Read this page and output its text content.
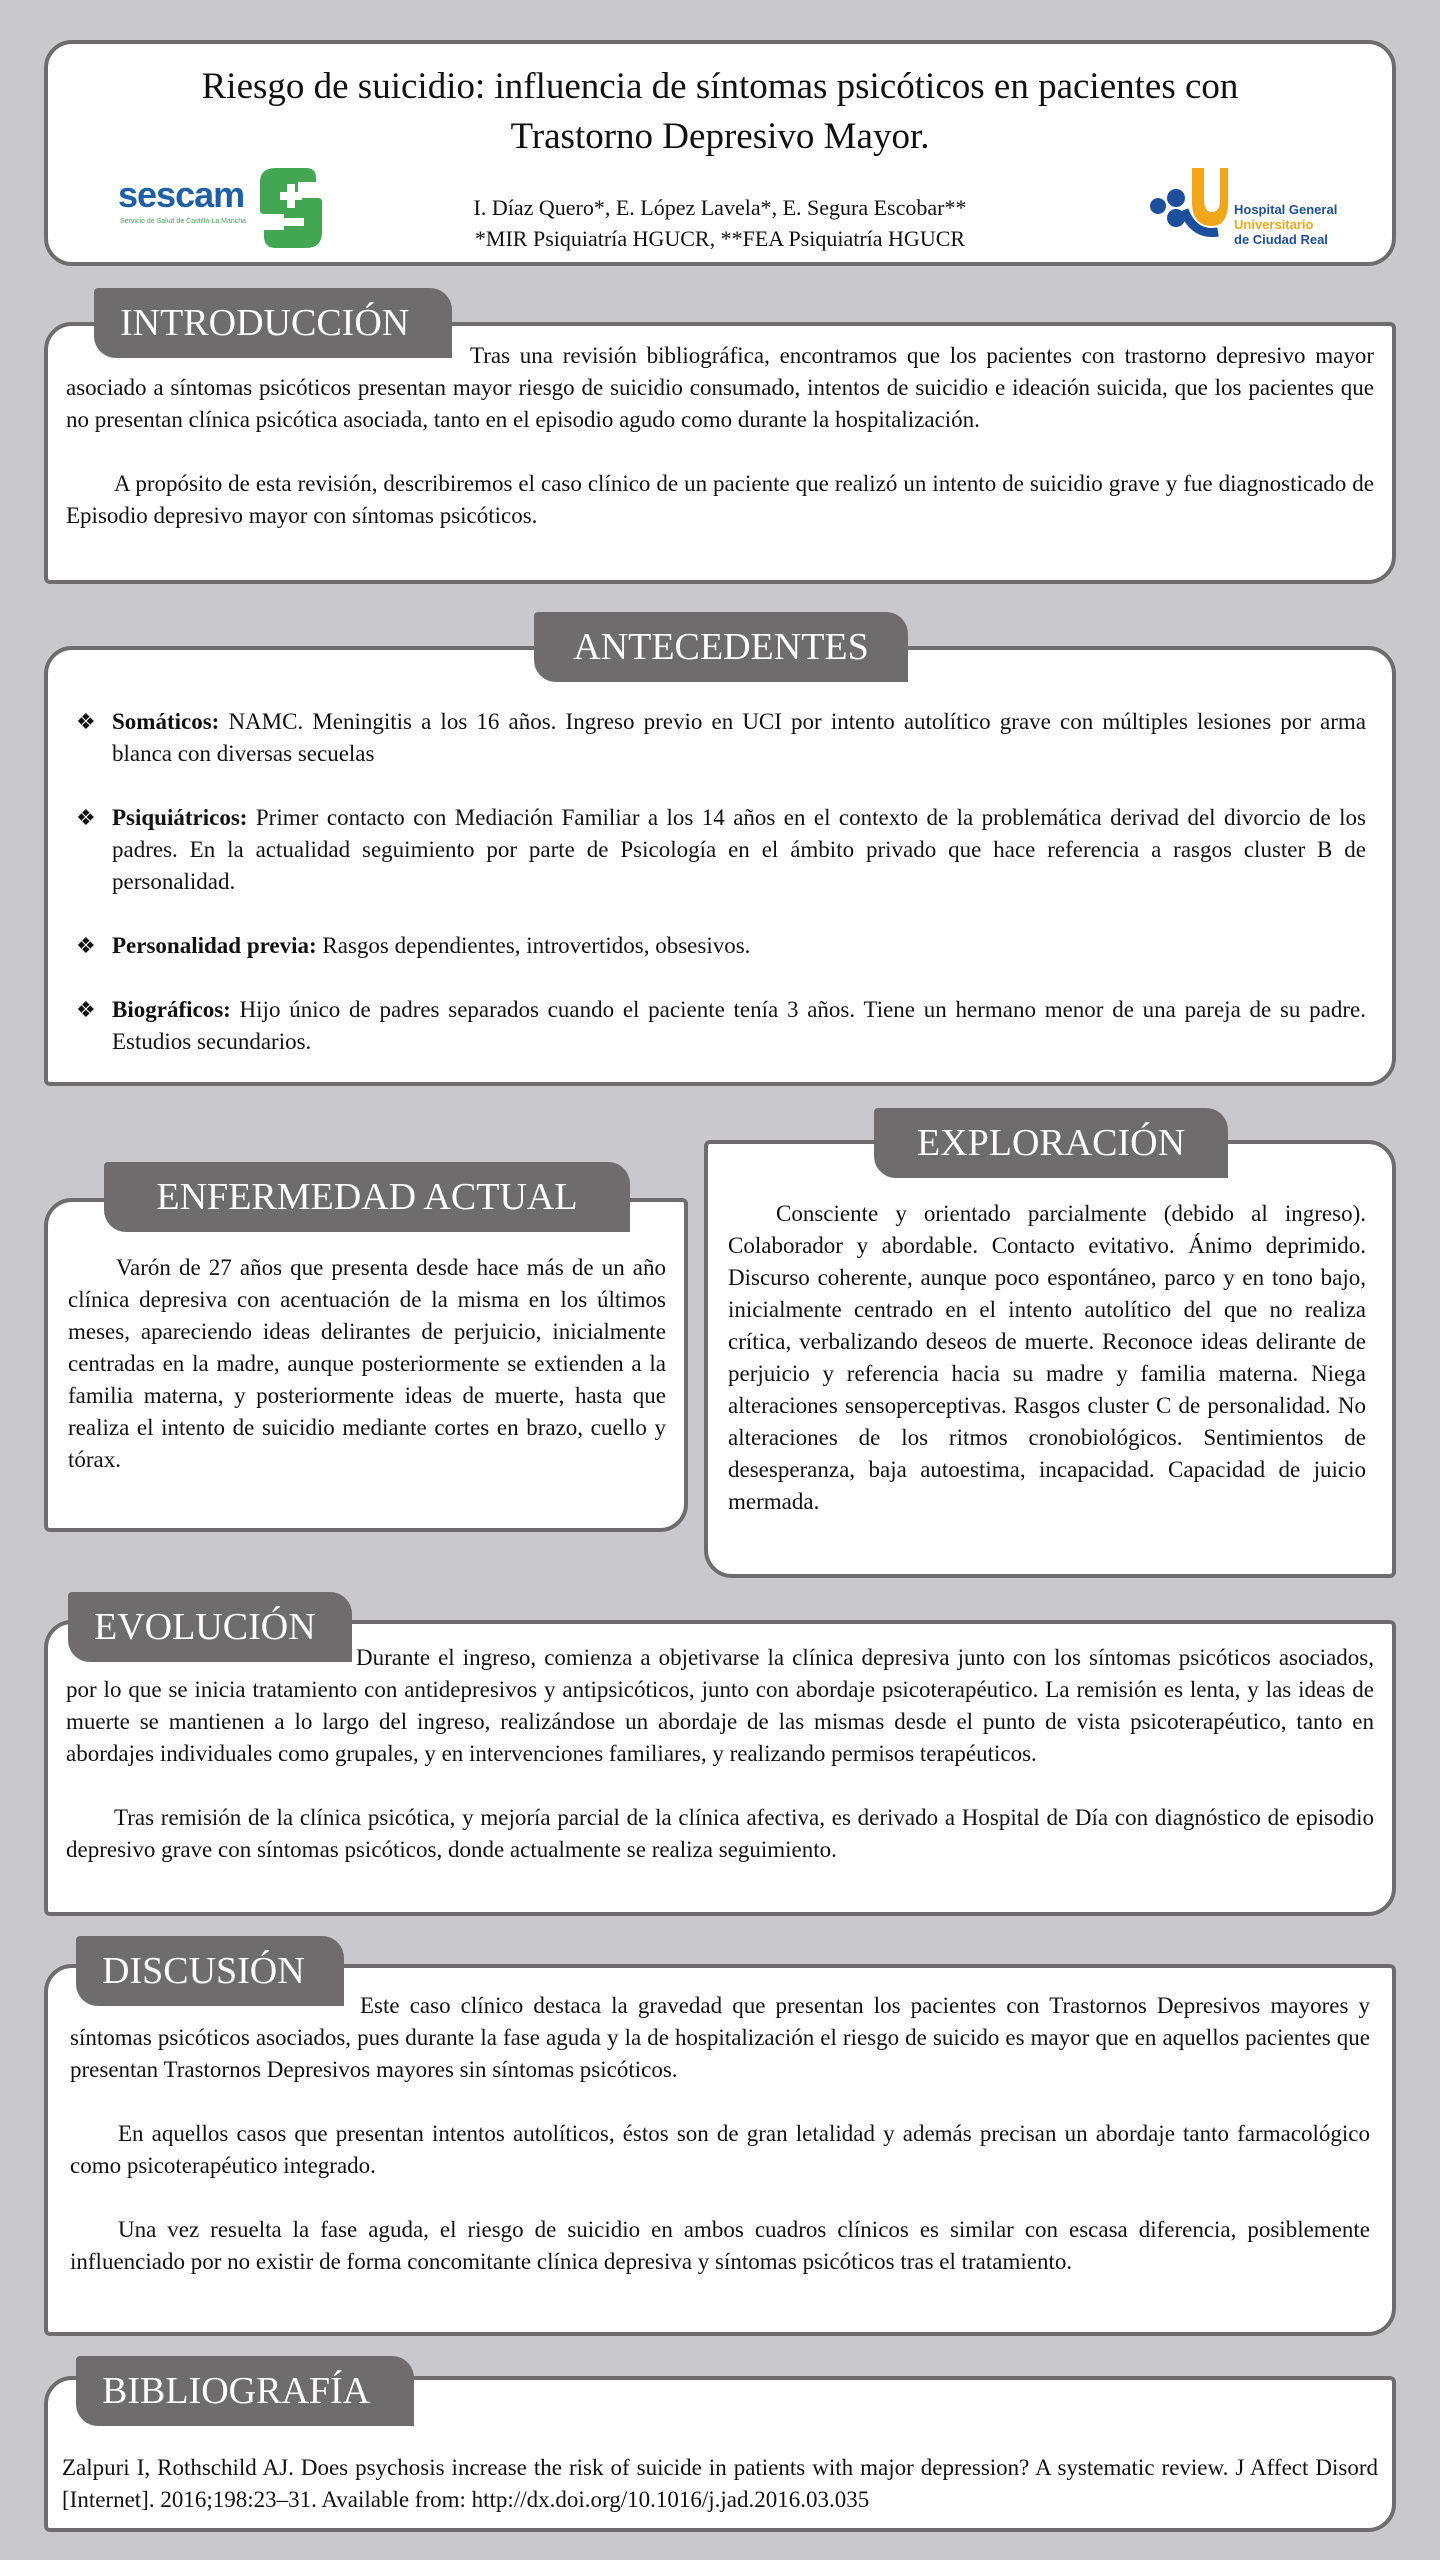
Riesgo de suicidio: influencia de síntomas psicóticos en pacientes con
Trastorno Depresivo Mayor.
sescam
Servicio de Salud de Castilla-La Mancha
I. Díaz Quero*, E. López Lavela*, E. Segura Escobar**
*MIR Psiquiatría HGUCR, **FEA Psiquiatría HGUCR
Hospital General
Universitario
de Ciudad Real
INTRODUCCIÓN

Tras una revisión bibliográfica, encontramos que los pacientes con trastorno depresivo mayor asociado a síntomas psicóticos presentan mayor riesgo de suicidio consumado, intentos de suicidio e ideación suicida, que los pacientes que no presentan clínica psicótica asociada, tanto en el episodio agudo como durante la hospitalización.

A propósito de esta revisión, describiremos el caso clínico de un paciente que realizó un intento de suicidio grave y fue diagnosticado de Episodio depresivo mayor con síntomas psicóticos.

ANTECEDENTES
❖ Somáticos: NAMC. Meningitis a los 16 años. Ingreso previo en UCI por intento autolítico grave con múltiples lesiones por arma blanca con diversas secuelas
❖ Psiquiátricos: Primer contacto con Mediación Familiar a los 14 años en el contexto de la problemática derivad del divorcio de los padres. En la actualidad seguimiento por parte de Psicología en el ámbito privado que hace referencia a rasgos cluster B de personalidad.
❖ Personalidad previa: Rasgos dependientes, introvertidos, obsesivos.
❖ Biográficos: Hijo único de padres separados cuando el paciente tenía 3 años. Tiene un hermano menor de una pareja de su padre. Estudios secundarios.
ENFERMEDAD ACTUAL

Varón de 27 años que presenta desde hace más de un año clínica depresiva con acentuación de la misma en los últimos meses, apareciendo ideas delirantes de perjuicio, inicialmente centradas en la madre, aunque posteriormente se extienden a la familia materna, y posteriormente ideas de muerte, hasta que realiza el intento de suicidio mediante cortes en brazo, cuello y tórax.

EXPLORACIÓN

Consciente y orientado parcialmente (debido al ingreso). Colaborador y abordable. Contacto evitativo. Ánimo deprimido. Discurso coherente, aunque poco espontáneo, parco y en tono bajo, inicialmente centrado en el intento autolítico del que no realiza crítica, verbalizando deseos de muerte. Reconoce ideas delirante de perjuicio y referencia hacia su madre y familia materna. Niega alteraciones sensoperceptivas. Rasgos cluster C de personalidad. No alteraciones de los ritmos cronobiológicos. Sentimientos de desesperanza, baja autoestima, incapacidad. Capacidad de juicio mermada.

EVOLUCIÓN

Durante el ingreso, comienza a objetivarse la clínica depresiva junto con los síntomas psicóticos asociados, por lo que se inicia tratamiento con antidepresivos y antipsicóticos, junto con abordaje psicoterapéutico. La remisión es lenta, y las ideas de muerte se mantienen a lo largo del ingreso, realizándose un abordaje de las mismas desde el punto de vista psicoterapéutico, tanto en abordajes individuales como grupales, y en intervenciones familiares, y realizando permisos terapéuticos.

Tras remisión de la clínica psicótica, y mejoría parcial de la clínica afectiva, es derivado a Hospital de Día con diagnóstico de episodio depresivo grave con síntomas psicóticos, donde actualmente se realiza seguimiento.

DISCUSIÓN

Este caso clínico destaca la gravedad que presentan los pacientes con Trastornos Depresivos mayores y síntomas psicóticos asociados, pues durante la fase aguda y la de hospitalización el riesgo de suicido es mayor que en aquellos pacientes que presentan Trastornos Depresivos mayores sin síntomas psicóticos.

En aquellos casos que presentan intentos autolíticos, éstos son de gran letalidad y además precisan un abordaje tanto farmacológico como psicoterapéutico integrado.

Una vez resuelta la fase aguda, el riesgo de suicidio en ambos cuadros clínicos es similar con escasa diferencia, posiblemente influenciado por no existir de forma concomitante clínica depresiva y síntomas psicóticos tras el tratamiento.

BIBLIOGRAFÍA

Zalpuri I, Rothschild AJ. Does psychosis increase the risk of suicide in patients with major depression? A systematic review. J Affect Disord [Internet]. 2016;198:23–31. Available from: http://dx.doi.org/10.1016/j.jad.2016.03.035
